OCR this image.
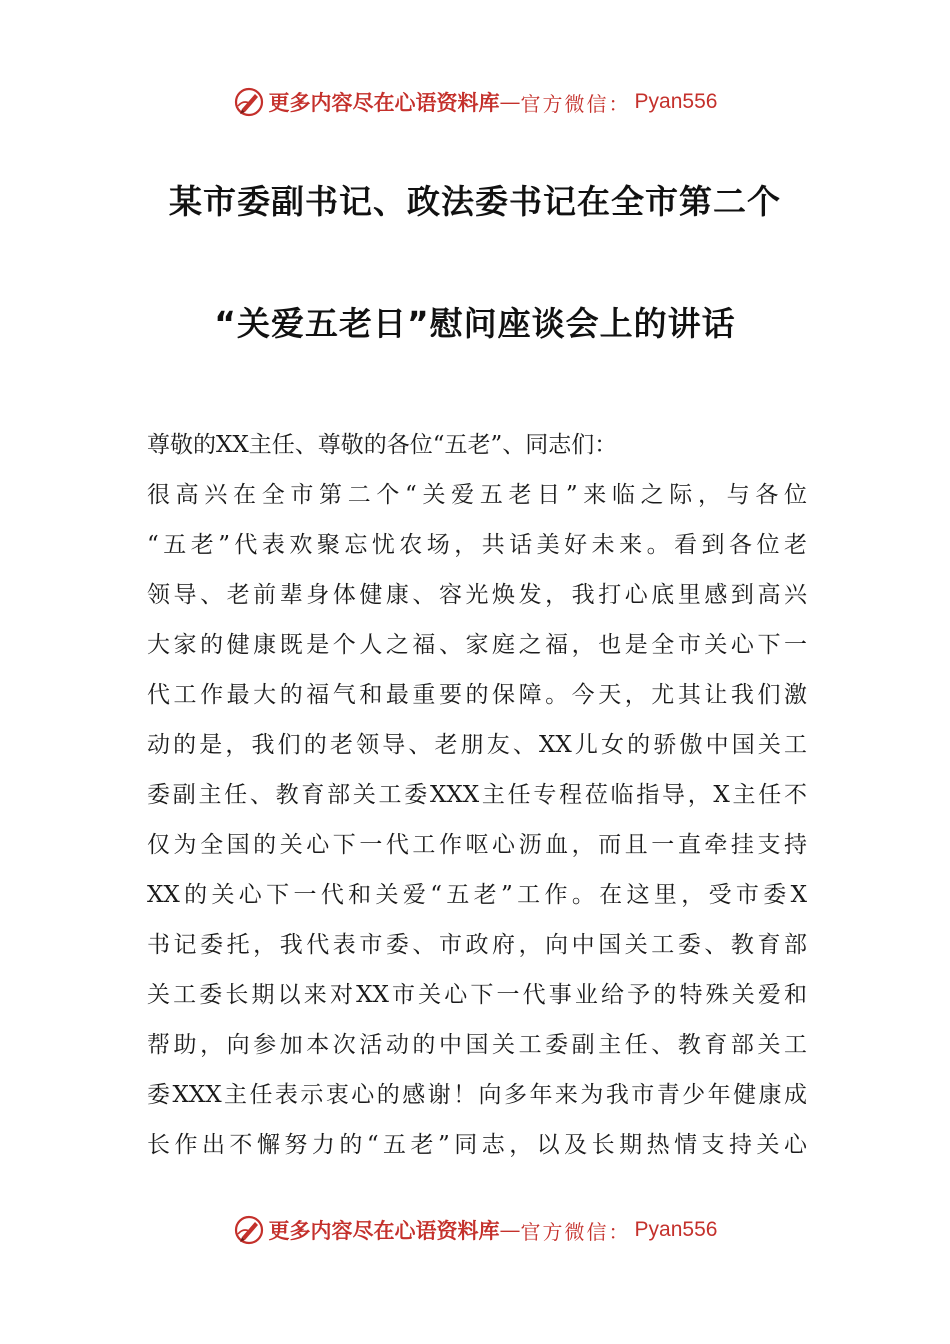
更多内容尽在心语资料库 — 官方微信： Pyan556
某市委副书记、政法委书记在全市第二个
“关爱五老日”慰问座谈会上的讲话
尊敬的XX主任、尊敬的各位“五老”、同志们：
很高兴在全市第二个“关爱五老日”来临之际，与各位
“五老”代表欢聚忘忧农场，共话美好未来。看到各位老
领导、老前辈身体健康、容光焕发，我打心底里感到高兴
大家的健康既是个人之福、家庭之福，也是全市关心下一
代工作最大的福气和最重要的保障。今天，尤其让我们激
动的是，我们的老领导、老朋友、XX儿女的骄傲中国关工
委副主任、教育部关工委XXX主任专程莅临指导，X主任不
仅为全国的关心下一代工作呕心沥血，而且一直牵挂支持
XX的关心下一代和关爱“五老”工作。在这里，受市委X
书记委托，我代表市委、市政府，向中国关工委、教育部
关工委长期以来对XX市关心下一代事业给予的特殊关爱和
帮助，向参加本次活动的中国关工委副主任、教育部关工
委XXX主任表示衷心的感谢！向多年来为我市青少年健康成
长作出不懈努力的“五老”同志，以及长期热情支持关心
更多内容尽在心语资料库 — 官方微信： Pyan556
